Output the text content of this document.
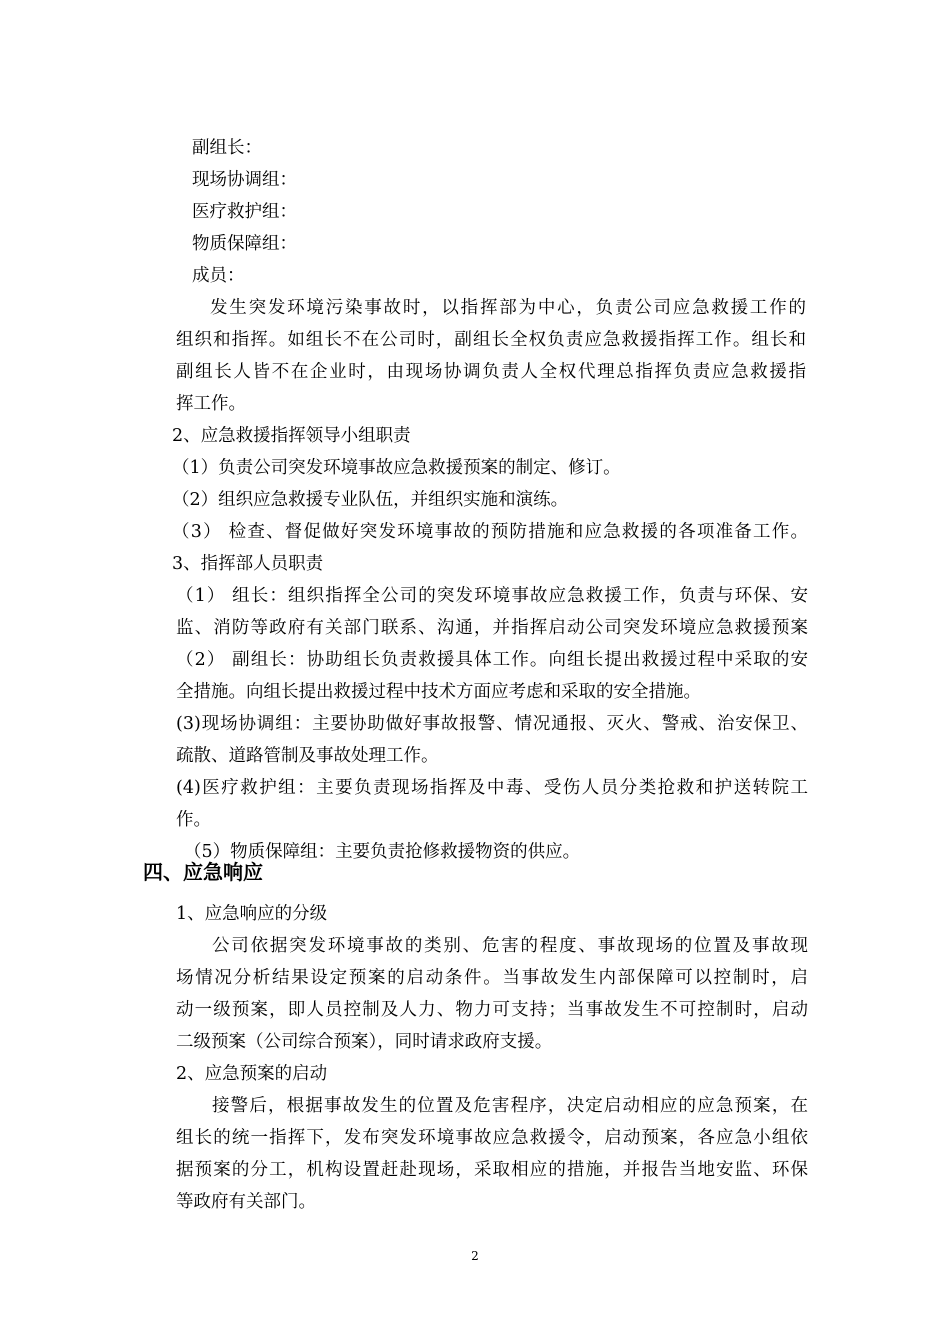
副组长：
现场协调组：
医疗救护组：
物质保障组：
成员：
发生突发环境污染事故时，以指挥部为中心，负责公司应急救援工作的
组织和指挥。如组长不在公司时，副组长全权负责应急救援指挥工作。组长和
副组长人皆不在企业时，由现场协调负责人全权代理总指挥负责应急救援指
挥工作。
2、应急救援指挥领导小组职责
（1）负责公司突发环境事故应急救援预案的制定、修订。
（2）组织应急救援专业队伍，并组织实施和演练。
（3） 检查、督促做好突发环境事故的预防措施和应急救援的各项准备工作。
3、指挥部人员职责
（1） 组长：组织指挥全公司的突发环境事故应急救援工作，负责与环保、安
监、消防等政府有关部门联系、沟通，并指挥启动公司突发环境应急救援预案
（2） 副组长：协助组长负责救援具体工作。向组长提出救援过程中采取的安
全措施。向组长提出救援过程中技术方面应考虑和采取的安全措施。
(3)现场协调组：主要协助做好事故报警、情况通报、灭火、警戒、治安保卫、
疏散、道路管制及事故处理工作。
(4)医疗救护组：主要负责现场指挥及中毒、受伤人员分类抢救和护送转院工
作。
（5）物质保障组：主要负责抢修救援物资的供应。
四、应急响应
1、应急响应的分级
公司依据突发环境事故的类别、危害的程度、事故现场的位置及事故现
场情况分析结果设定预案的启动条件。当事故发生内部保障可以控制时，启
动一级预案，即人员控制及人力、物力可支持；当事故发生不可控制时，启动
二级预案（公司综合预案），同时请求政府支援。
2、应急预案的启动
接警后，根据事故发生的位置及危害程序，决定启动相应的应急预案，在
组长的统一指挥下，发布突发环境事故应急救援令，启动预案，各应急小组依
据预案的分工，机构设置赶赴现场，采取相应的措施，并报告当地安监、环保
等政府有关部门。
2
